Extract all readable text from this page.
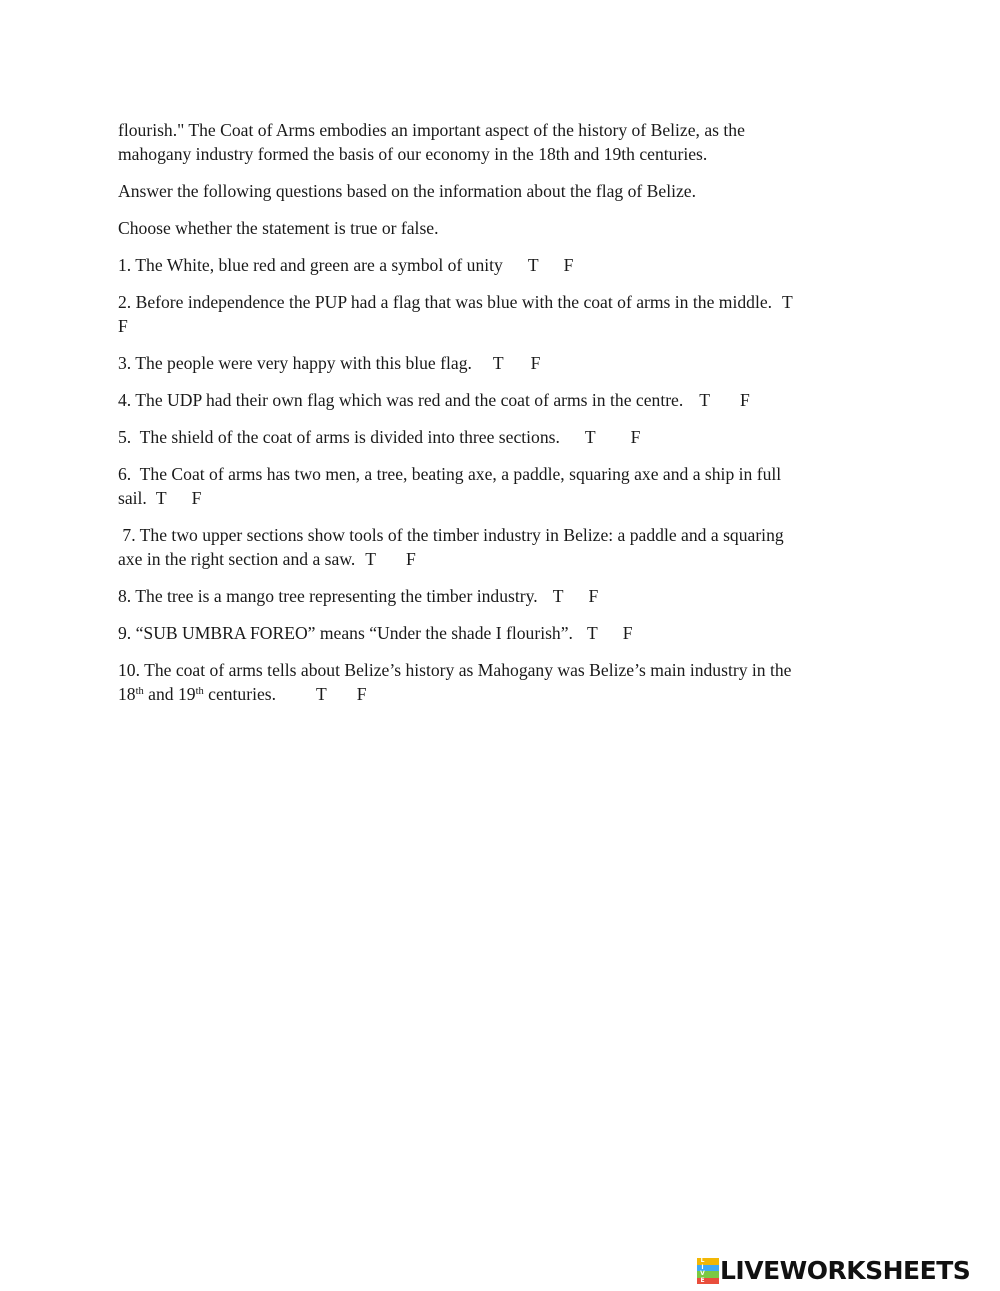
flourish." The Coat of Arms embodies an important aspect of the history of Belize, as the
mahogany industry formed the basis of our economy in the 18th and 19th centuries.
Answer the following questions based on the information about the flag of Belize.
Choose whether the statement is true or false.
1. The White, blue red and green are a symbol of unity T F
2. Before independence the PUP had a flag that was blue with the coat of arms in the middle. T
F
3. The people were very happy with this blue flag. T F
4. The UDP had their own flag which was red and the coat of arms in the centre. T F
5.  The shield of the coat of arms is divided into three sections. T F
6.  The Coat of arms has two men, a tree, beating axe, a paddle, squaring axe and a ship in full
sail. T F
7. The two upper sections show tools of the timber industry in Belize: a paddle and a squaring
axe in the right section and a saw. T F
8. The tree is a mango tree representing the timber industry. T F
9. “SUB UMBRA FOREO” means “Under the shade I flourish”. T F
10. The coat of arms tells about Belize’s history as Mahogany was Belize’s main industry in the
18th and 19th centuries. T F
L
I
V
E LIVEWORKSHEETS
